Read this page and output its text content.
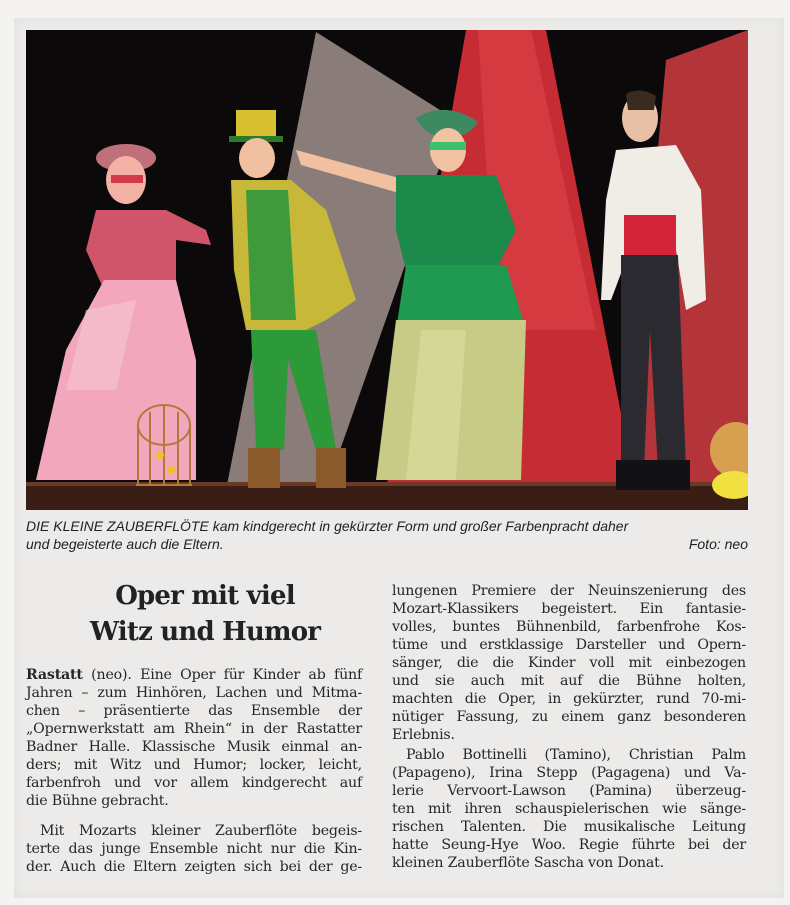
DIE KLEINE ZAUBERFLÖTE kam kindgerecht in gekürzter Form und großer Farbenpracht daher
und begeisterte auch die Eltern.	Foto: neo
Oper mit viel
Witz und Humor
Rastatt (neo). Eine Oper für Kinder ab fünf
Jahren – zum Hinhören, Lachen und Mitma-
chen – präsentierte das Ensemble der
„Opernwerkstatt am Rhein“ in der Rastatter
Badner Halle. Klassische Musik einmal an-
ders; mit Witz und Humor; locker, leicht,
farbenfroh und vor allem kindgerecht auf
die Bühne gebracht.
Mit Mozarts kleiner Zauberflöte begeis-
terte das junge Ensemble nicht nur die Kin-
der. Auch die Eltern zeigten sich bei der ge-
lungenen Premiere der Neuinszenierung des
Mozart-Klassikers begeistert. Ein fantasie-
volles, buntes Bühnenbild, farbenfrohe Kos-
tüme und erstklassige Darsteller und Opern-
sänger, die die Kinder voll mit einbezogen
und sie auch mit auf die Bühne holten,
machten die Oper, in gekürzter, rund 70-mi-
nütiger Fassung, zu einem ganz besonderen
Erlebnis.
Pablo Bottinelli (Tamino), Christian Palm
(Papageno), Irina Stepp (Pagagena) und Va-
lerie Vervoort-Lawson (Pamina) überzeug-
ten mit ihren schauspielerischen wie sänge-
rischen Talenten. Die musikalische Leitung
hatte Seung-Hye Woo. Regie führte bei der
kleinen Zauberflöte Sascha von Donat.
